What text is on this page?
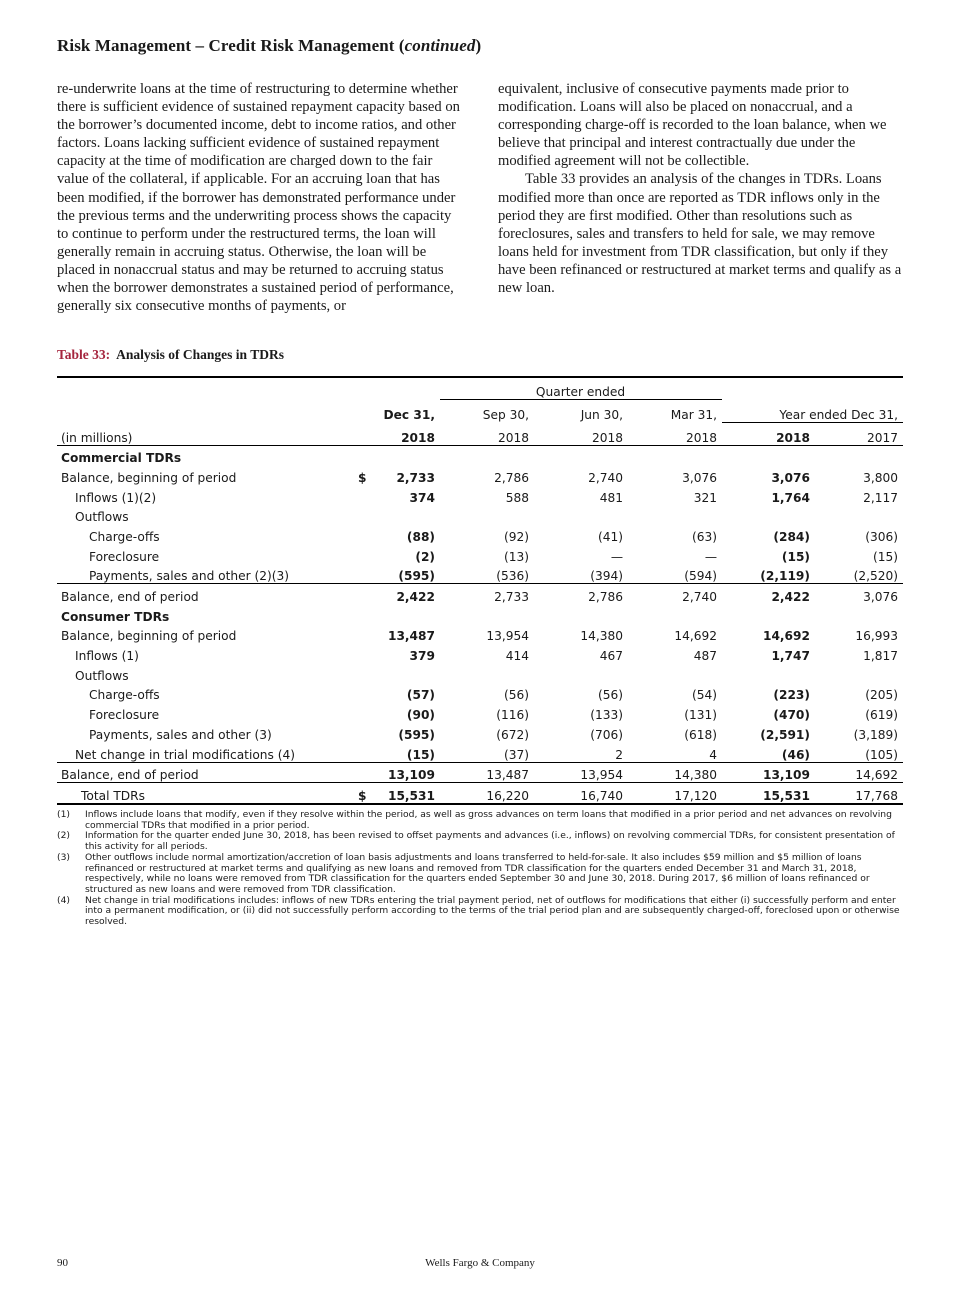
Risk Management – Credit Risk Management (continued)

re-underwrite loans at the time of restructuring to determine whether there is sufficient evidence of sustained repayment capacity based on the borrower’s documented income, debt to income ratios, and other factors. Loans lacking sufficient evidence of sustained repayment capacity at the time of modification are charged down to the fair value of the collateral, if applicable. For an accruing loan that has been modified, if the borrower has demonstrated performance under the previous terms and the underwriting process shows the capacity to continue to perform under the restructured terms, the loan will generally remain in accruing status. Otherwise, the loan will be placed in nonaccrual status and may be returned to accruing status when the borrower demonstrates a sustained period of performance, generally six consecutive months of payments, or

equivalent, inclusive of consecutive payments made prior to modification. Loans will also be placed on nonaccrual, and a corresponding charge-off is recorded to the loan balance, when we believe that principal and interest contractually due under the modified agreement will not be collectible.

Table 33 provides an analysis of the changes in TDRs. Loans modified more than once are reported as TDR inflows only in the period they are first modified. Other than resolutions such as foreclosures, sales and transfers to held for sale, we may remove loans held for investment from TDR classification, but only if they have been refinanced or restructured at market terms and qualify as a new loan.

Table 33: Analysis of Changes in TDRs
			Quarter ended				
		Dec 31,	Sep 30,	Jun 30,	Mar 31,	Year ended Dec 31,	
(in millions)		2018	2018	2018	2018	2018	2017
Commercial TDRs							
Balance, beginning of period	$	2,733	2,786	2,740	3,076	3,076	3,800
Inflows (1)(2)		374	588	481	321	1,764	2,117
Outflows							
Charge-offs		(88)	(92)	(41)	(63)	(284)	(306)
Foreclosure		(2)	(13)	—	—	(15)	(15)
Payments, sales and other (2)(3)		(595)	(536)	(394)	(594)	(2,119)	(2,520)
Balance, end of period		2,422	2,733	2,786	2,740	2,422	3,076
Consumer TDRs							
Balance, beginning of period		13,487	13,954	14,380	14,692	14,692	16,993
Inflows (1)		379	414	467	487	1,747	1,817
Outflows							
Charge-offs		(57)	(56)	(56)	(54)	(223)	(205)
Foreclosure		(90)	(116)	(133)	(131)	(470)	(619)
Payments, sales and other (3)		(595)	(672)	(706)	(618)	(2,591)	(3,189)
Net change in trial modifications (4)		(15)	(37)	2	4	(46)	(105)
Balance, end of period		13,109	13,487	13,954	14,380	13,109	14,692
Total TDRs	$	15,531	16,220	16,740	17,120	15,531	17,768
(1)	Inflows include loans that modify, even if they resolve within the period, as well as gross advances on term loans that modified in a prior period and net advances on revolving commercial TDRs that modified in a prior period.
(2)	Information for the quarter ended June 30, 2018, has been revised to offset payments and advances (i.e., inflows) on revolving commercial TDRs, for consistent presentation of this activity for all periods.
(3)	Other outflows include normal amortization/accretion of loan basis adjustments and loans transferred to held-for-sale. It also includes $59 million and $5 million of loans refinanced or restructured at market terms and qualifying as new loans and removed from TDR classification for the quarters ended December 31 and March 31, 2018, respectively, while no loans were removed from TDR classification for the quarters ended September 30 and June 30, 2018. During 2017, $6 million of loans refinanced or structured as new loans and were removed from TDR classification.
(4)	Net change in trial modifications includes: inflows of new TDRs entering the trial payment period, net of outflows for modifications that either (i) successfully perform and enter into a permanent modification, or (ii) did not successfully perform according to the terms of the trial period plan and are subsequently charged-off, foreclosed upon or otherwise resolved.
90	Wells Fargo & Company
